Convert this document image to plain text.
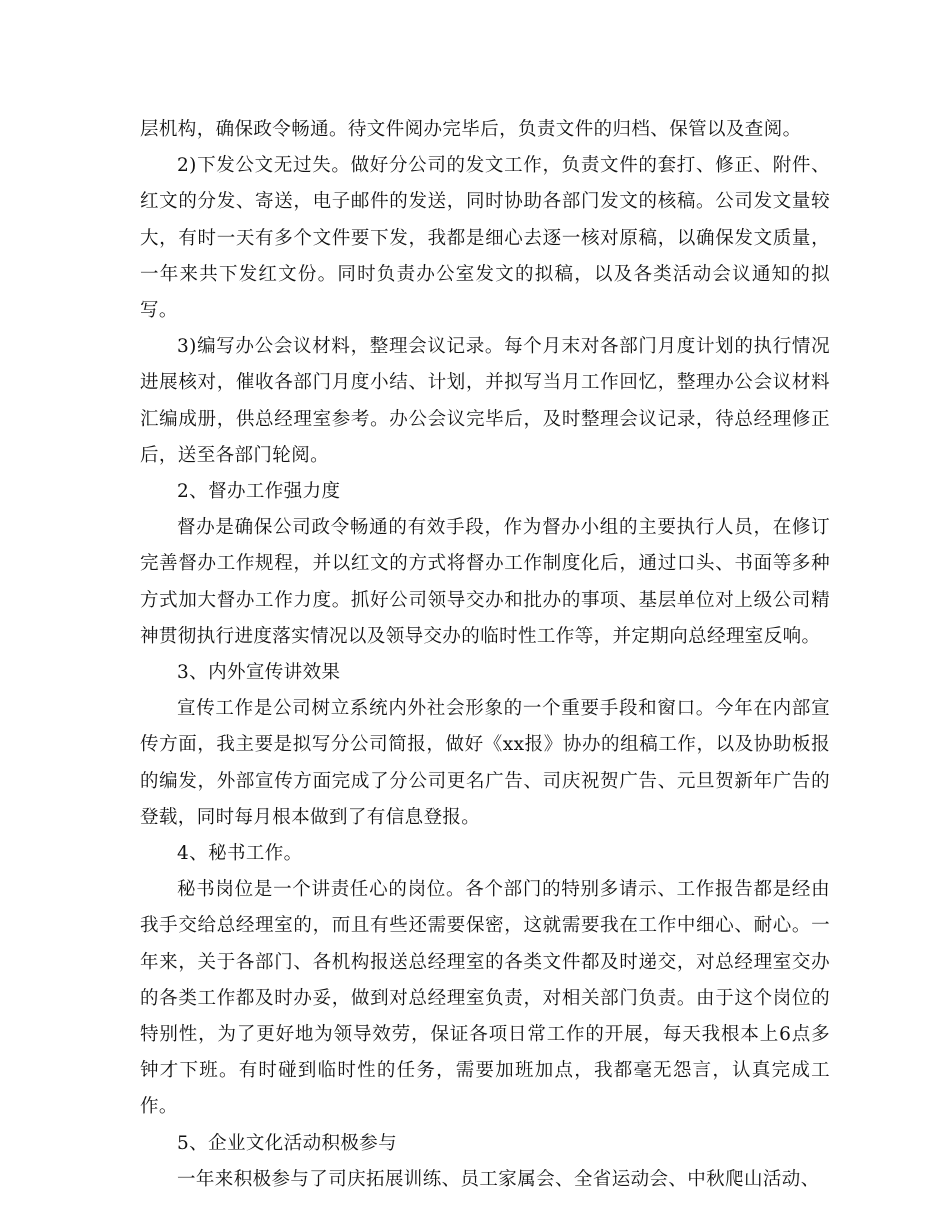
层机构，确保政令畅通。待文件阅办完毕后，负责文件的归档、保管以及查阅。

2)下发公文无过失。做好分公司的发文工作，负责文件的套打、修正、附件、红文的分发、寄送，电子邮件的发送，同时协助各部门发文的核稿。公司发文量较大，有时一天有多个文件要下发，我都是细心去逐一核对原稿，以确保发文质量，一年来共下发红文份。同时负责办公室发文的拟稿，以及各类活动会议通知的拟写。

3)编写办公会议材料，整理会议记录。每个月末对各部门月度计划的执行情况进展核对，催收各部门月度小结、计划，并拟写当月工作回忆，整理办公会议材料汇编成册，供总经理室参考。办公会议完毕后，及时整理会议记录，待总经理修正后，送至各部门轮阅。

2、督办工作强力度

督办是确保公司政令畅通的有效手段，作为督办小组的主要执行人员，在修订完善督办工作规程，并以红文的方式将督办工作制度化后，通过口头、书面等多种方式加大督办工作力度。抓好公司领导交办和批办的事项、基层单位对上级公司精神贯彻执行进度落实情况以及领导交办的临时性工作等，并定期向总经理室反响。

3、内外宣传讲效果

宣传工作是公司树立系统内外社会形象的一个重要手段和窗口。今年在内部宣传方面，我主要是拟写分公司简报，做好《xx报》协办的组稿工作，以及协助板报的编发，外部宣传方面完成了分公司更名广告、司庆祝贺广告、元旦贺新年广告的登载，同时每月根本做到了有信息登报。

4、秘书工作。

秘书岗位是一个讲责任心的岗位。各个部门的特别多请示、工作报告都是经由我手交给总经理室的，而且有些还需要保密，这就需要我在工作中细心、耐心。一年来，关于各部门、各机构报送总经理室的各类文件都及时递交，对总经理室交办的各类工作都及时办妥，做到对总经理室负责，对相关部门负责。由于这个岗位的特别性，为了更好地为领导效劳，保证各项日常工作的开展，每天我根本上6点多钟才下班。有时碰到临时性的任务，需要加班加点，我都毫无怨言，认真完成工作。

5、企业文化活动积极参与

一年来积极参与了司庆拓展训练、员工家属会、全省运动会、中秋爬山活动、
